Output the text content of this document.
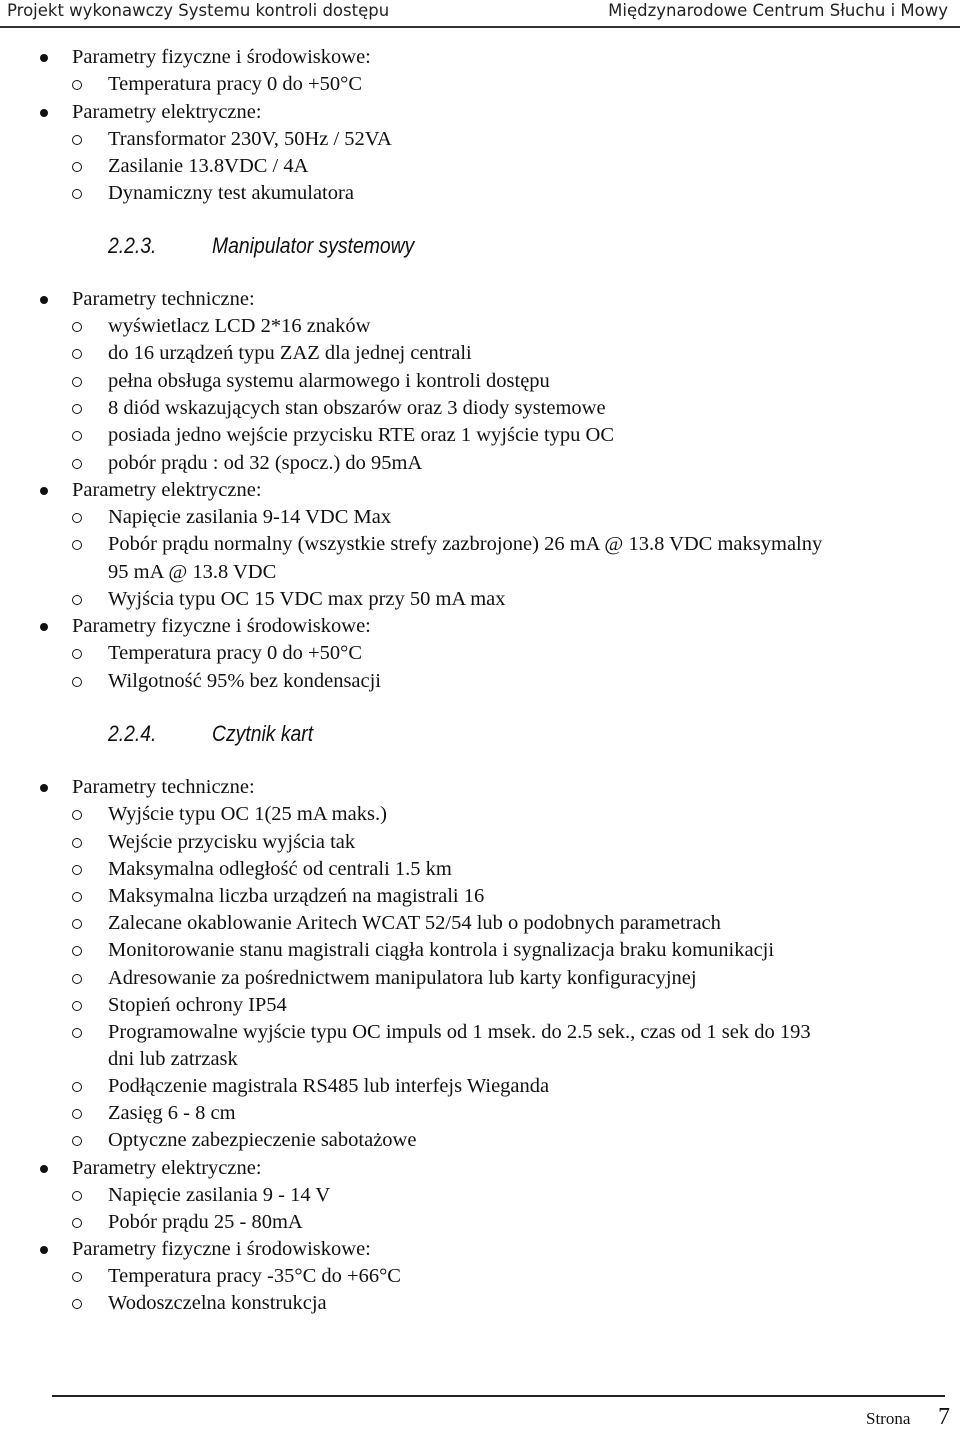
Projekt wykonawczy Systemu kontroli dostępu	Międzynarodowe Centrum Słuchu i Mowy
Parametry fizyczne i środowiskowe:
Temperatura pracy 0 do +50°C
Parametry elektryczne:
Transformator 230V, 50Hz / 52VA
Zasilanie 13.8VDC / 4A
Dynamiczny test akumulatora
2.2.3.	Manipulator systemowy
Parametry techniczne:
wyświetlacz LCD 2*16 znaków
do 16 urządzeń typu ZAZ dla jednej centrali
pełna obsługa systemu alarmowego i kontroli dostępu
8 diód wskazujących stan obszarów oraz 3 diody systemowe
posiada jedno wejście przycisku RTE oraz 1 wyjście typu OC
pobór prądu : od 32 (spocz.) do 95mA
Parametry elektryczne:
Napięcie zasilania 9-14 VDC Max
Pobór prądu normalny (wszystkie strefy zazbrojone) 26 mA @ 13.8 VDC maksymalny
95 mA @ 13.8 VDC
Wyjścia typu OC 15 VDC max przy 50 mA max
Parametry fizyczne i środowiskowe:
Temperatura pracy 0 do +50°C
Wilgotność 95% bez kondensacji
2.2.4.	Czytnik kart
Parametry techniczne:
Wyjście typu OC 1(25 mA maks.)
Wejście przycisku wyjścia tak
Maksymalna odległość od centrali 1.5 km
Maksymalna liczba urządzeń na magistrali 16
Zalecane okablowanie Aritech WCAT 52/54 lub o podobnych parametrach
Monitorowanie stanu magistrali ciągła kontrola i sygnalizacja braku komunikacji
Adresowanie za pośrednictwem manipulatora lub karty konfiguracyjnej
Stopień ochrony IP54
Programowalne wyjście typu OC impuls od 1 msek. do 2.5 sek., czas od 1 sek do 193
dni lub zatrzask
Podłączenie magistrala RS485 lub interfejs Wieganda
Zasięg 6 - 8 cm
Optyczne zabezpieczenie sabotażowe
Parametry elektryczne:
Napięcie zasilania 9 - 14 V
Pobór prądu 25 - 80mA
Parametry fizyczne i środowiskowe:
Temperatura pracy -35°C do +66°C
Wodoszczelna konstrukcja
Strona 7
